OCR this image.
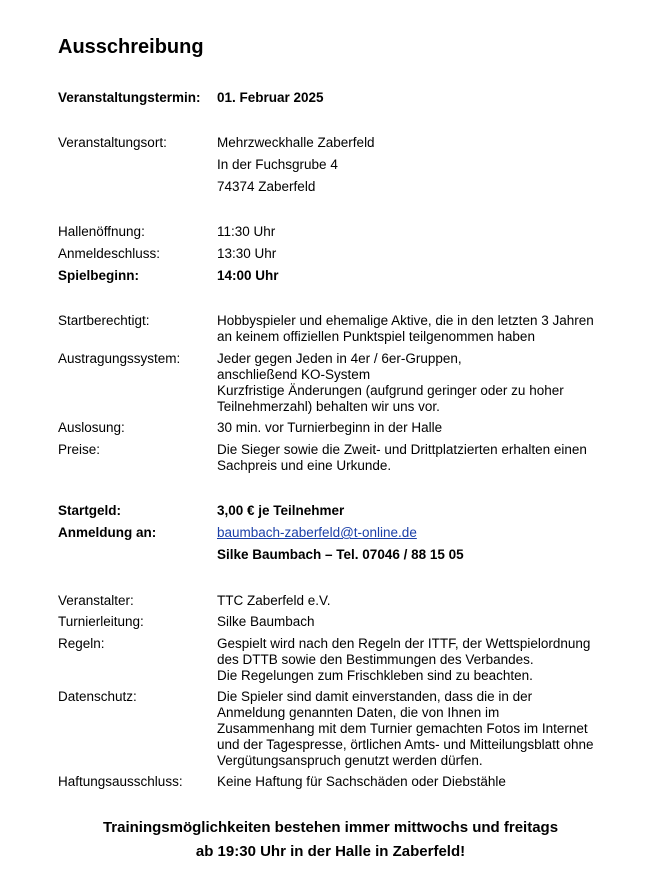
Ausschreibung
Veranstaltungstermin:	01. Februar 2025
Veranstaltungsort:	Mehrzweckhalle Zaberfeld
In der Fuchsgrube 4
74374 Zaberfeld
Hallenöffnung:	11:30 Uhr
Anmeldeschluss:	13:30 Uhr
Spielbeginn:	14:00 Uhr
Startberechtigt:	Hobbyspieler und ehemalige Aktive, die in den letzten 3 Jahren
an keinem offiziellen Punktspiel teilgenommen haben
Austragungssystem:	Jeder gegen Jeden in 4er / 6er-Gruppen,
anschließend KO-System
Kurzfristige Änderungen (aufgrund geringer oder zu hoher
Teilnehmerzahl) behalten wir uns vor.
Auslosung:	30 min. vor Turnierbeginn in der Halle
Preise:	Die Sieger sowie die Zweit- und Drittplatzierten erhalten einen
Sachpreis und eine Urkunde.
Startgeld:	3,00 € je Teilnehmer
Anmeldung an:	baumbach-zaberfeld@t-online.de
Silke Baumbach – Tel. 07046 / 88 15 05
Veranstalter:	TTC Zaberfeld e.V.
Turnierleitung:	Silke Baumbach
Regeln:	Gespielt wird nach den Regeln der ITTF, der Wettspielordnung
des DTTB sowie den Bestimmungen des Verbandes.
Die Regelungen zum Frischkleben sind zu beachten.
Datenschutz:	Die Spieler sind damit einverstanden, dass die in der
Anmeldung genannten Daten, die von Ihnen im
Zusammenhang mit dem Turnier gemachten Fotos im Internet
und der Tagespresse, örtlichen Amts- und Mitteilungsblatt ohne
Vergütungsanspruch genutzt werden dürfen.
Haftungsausschluss:	Keine Haftung für Sachschäden oder Diebstähle
Trainingsmöglichkeiten bestehen immer mittwochs und freitags
ab 19:30 Uhr in der Halle in Zaberfeld!
